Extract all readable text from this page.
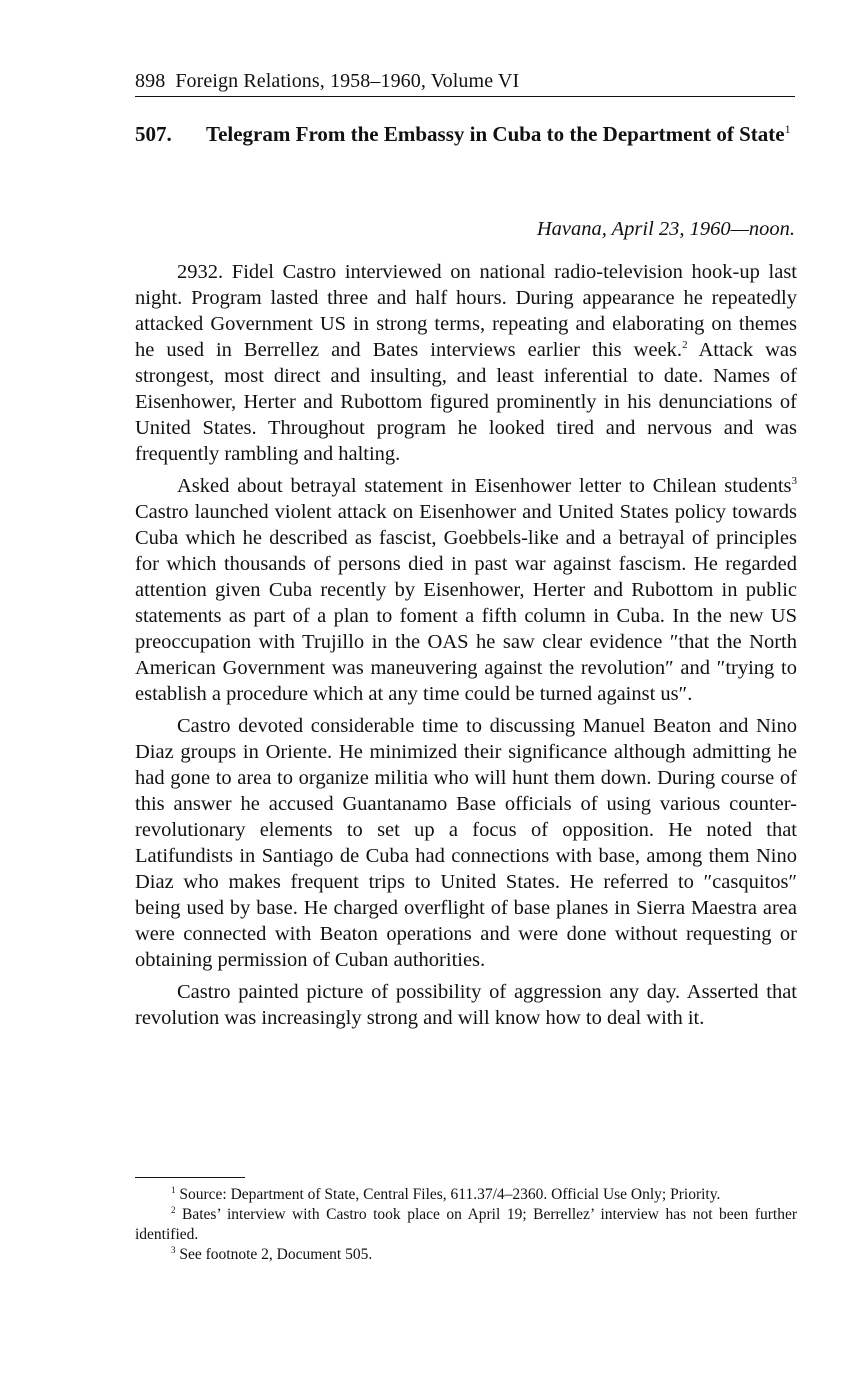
898 Foreign Relations, 1958–1960, Volume VI
507. Telegram From the Embassy in Cuba to the Department of State$^1$
Havana, April 23, 1960—noon.

2932. Fidel Castro interviewed on national radio-television hook-up last night. Program lasted three and half hours. During appearance he repeatedly attacked Government US in strong terms, repeating and elaborating on themes he used in Berrellez and Bates interviews earlier this week.$^2$ Attack was strongest, most direct and insulting, and least inferential to date. Names of Eisenhower, Herter and Rubottom figured prominently in his denunciations of United States. Throughout program he looked tired and nervous and was frequently rambling and halting.

Asked about betrayal statement in Eisenhower letter to Chilean students$^3$ Castro launched violent attack on Eisenhower and United States policy towards Cuba which he described as fascist, Goebbels-like and a betrayal of principles for which thousands of persons died in past war against fascism. He regarded attention given Cuba recently by Eisenhower, Herter and Rubottom in public statements as part of a plan to foment a fifth column in Cuba. In the new US preoccupation with Trujillo in the OAS he saw clear evidence ″that the North American Government was maneuvering against the revolution″ and ″trying to establish a procedure which at any time could be turned against us″.

Castro devoted considerable time to discussing Manuel Beaton and Nino Diaz groups in Oriente. He minimized their significance although admitting he had gone to area to organize militia who will hunt them down. During course of this answer he accused Guantanamo Base officials of using various counter-revolutionary elements to set up a focus of opposition. He noted that Latifundists in Santiago de Cuba had connections with base, among them Nino Diaz who makes frequent trips to United States. He referred to ″casquitos″ being used by base. He charged overflight of base planes in Sierra Maestra area were connected with Beaton operations and were done without requesting or obtaining permission of Cuban authorities.

Castro painted picture of possibility of aggression any day. Asserted that revolution was increasingly strong and will know how to deal with it.

$^1$ Source: Department of State, Central Files, 611.37/4–2360. Official Use Only; Priority.

$^2$ Bates’ interview with Castro took place on April 19; Berrellez’ interview has not been further identified.

$^3$ See footnote 2, Document 505.
